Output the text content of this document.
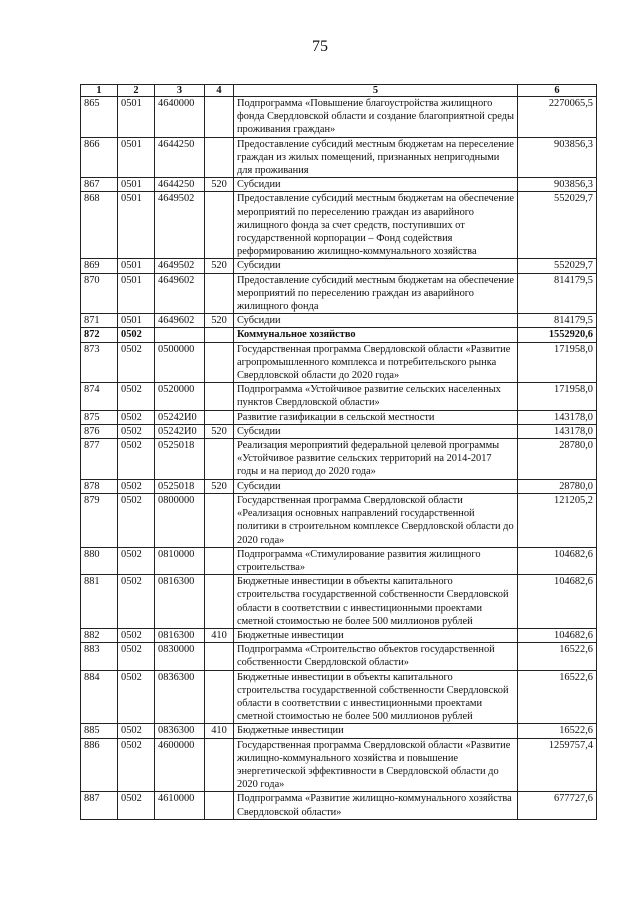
75
1	2	3	4	5	6
865	0501	4640000		Подпрограмма «Повышение благоустройства жилищного фонда Свердловской области и создание благоприятной среды проживания граждан»	2270065,5
866	0501	4644250		Предоставление субсидий местным бюджетам на переселение граждан из жилых помещений, признанных непригодными для проживания	903856,3
867	0501	4644250	520	Субсидии	903856,3
868	0501	4649502		Предоставление субсидий местным бюджетам на обеспечение мероприятий по переселению граждан из аварийного жилищного фонда за счет средств, поступивших от государственной корпорации – Фонд содействия реформированию жилищно-коммунального хозяйства	552029,7
869	0501	4649502	520	Субсидии	552029,7
870	0501	4649602		Предоставление субсидий местным бюджетам на обеспечение мероприятий по переселению граждан из аварийного жилищного фонда	814179,5
871	0501	4649602	520	Субсидии	814179,5
872	0502			Коммунальное хозяйство	1552920,6
873	0502	0500000		Государственная программа Свердловской области «Развитие агропромышленного комплекса и потребительского рынка Свердловской области до 2020 года»	171958,0
874	0502	0520000		Подпрограмма «Устойчивое развитие сельских населенных пунктов Свердловской области»	171958,0
875	0502	05242И0		Развитие газификации в сельской местности	143178,0
876	0502	05242И0	520	Субсидии	143178,0
877	0502	0525018		Реализация мероприятий федеральной целевой программы «Устойчивое развитие сельских территорий на 2014-2017 годы и на период до 2020 года»	28780,0
878	0502	0525018	520	Субсидии	28780,0
879	0502	0800000		Государственная программа Свердловской области «Реализация основных направлений государственной политики в строительном комплексе Свердловской области до 2020 года»	121205,2
880	0502	0810000		Подпрограмма «Стимулирование развития жилищного строительства»	104682,6
881	0502	0816300		Бюджетные инвестиции в объекты капитального строительства государственной собственности Свердловской области в соответствии с инвестиционными проектами сметной стоимостью не более 500 миллионов рублей	104682,6
882	0502	0816300	410	Бюджетные инвестиции	104682,6
883	0502	0830000		Подпрограмма «Строительство объектов государственной собственности Свердловской области»	16522,6
884	0502	0836300		Бюджетные инвестиции в объекты капитального строительства государственной собственности Свердловской области в соответствии с инвестиционными проектами сметной стоимостью не более 500 миллионов рублей	16522,6
885	0502	0836300	410	Бюджетные инвестиции	16522,6
886	0502	4600000		Государственная программа Свердловской области «Развитие жилищно-коммунального хозяйства и повышение энергетической эффективности в Свердловской области до 2020 года»	1259757,4
887	0502	4610000		Подпрограмма «Развитие жилищно-коммунального хозяйства Свердловской области»	677727,6
